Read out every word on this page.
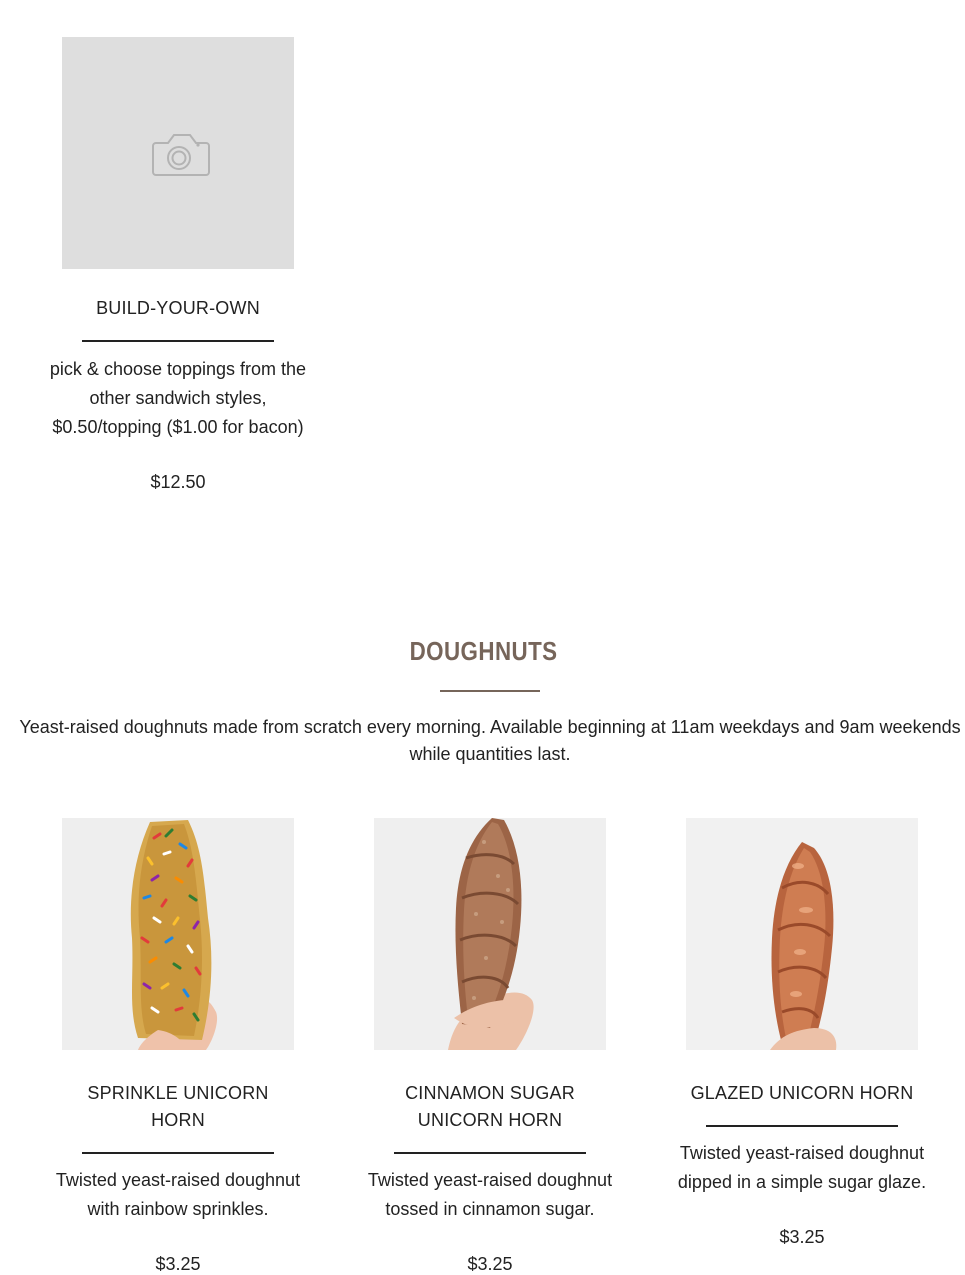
BUILD-YOUR-OWN
pick & choose toppings from the
other sandwich styles,
$0.50/topping ($1.00 for bacon)
$12.50
DOUGHNUTS
Yeast-raised doughnuts made from scratch every morning. Available beginning at 11am weekdays and 9am weekends
while quantities last.
SPRINKLE UNICORN
HORN
Twisted yeast-raised doughnut
with rainbow sprinkles.
$3.25
CINNAMON SUGAR
UNICORN HORN
Twisted yeast-raised doughnut
tossed in cinnamon sugar.
$3.25
GLAZED UNICORN HORN
Twisted yeast-raised doughnut
dipped in a simple sugar glaze.
$3.25
